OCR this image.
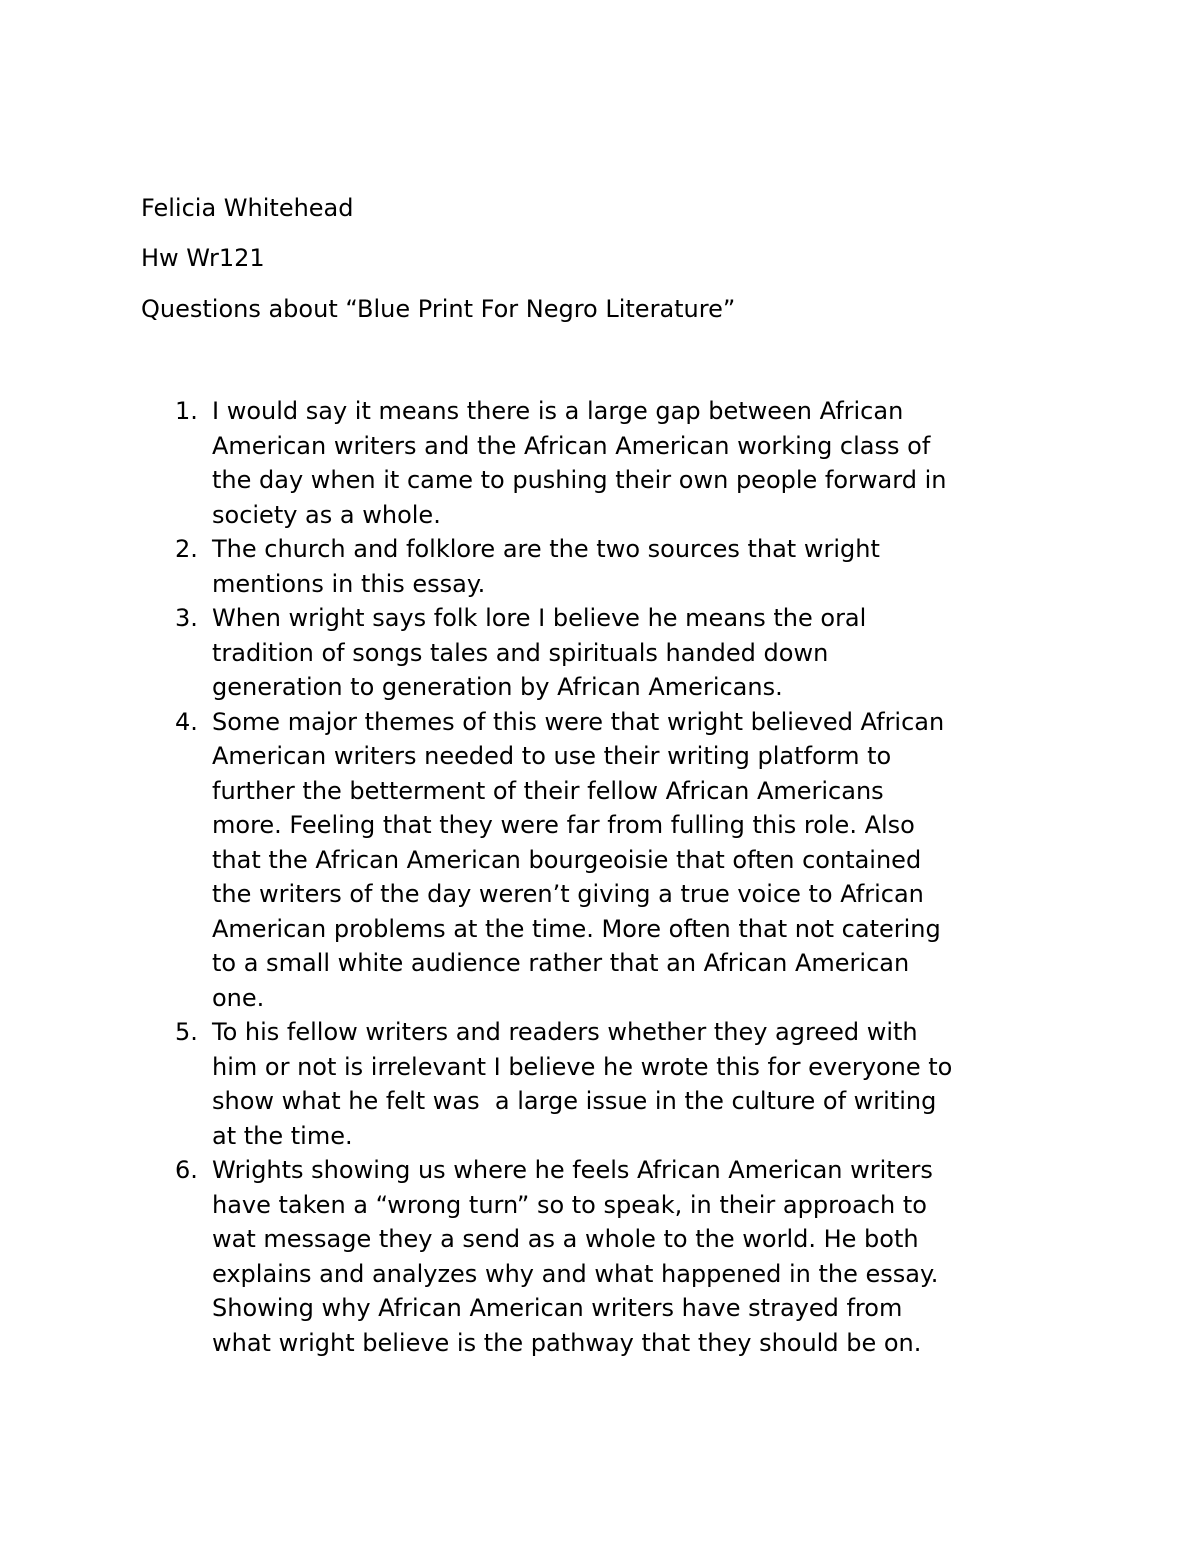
Felicia Whitehead

Hw Wr121

Questions about “Blue Print For Negro Literature”

1. I would say it means there is a large gap between African
American writers and the African American working class of
the day when it came to pushing their own people forward in
society as a whole.
2. The church and folklore are the two sources that wright
mentions in this essay.
3. When wright says folk lore I believe he means the oral
tradition of songs tales and spirituals handed down
generation to generation by African Americans.
4. Some major themes of this were that wright believed African
American writers needed to use their writing platform to
further the betterment of their fellow African Americans
more. Feeling that they were far from fulling this role. Also
that the African American bourgeoisie that often contained
the writers of the day weren’t giving a true voice to African
American problems at the time. More often that not catering
to a small white audience rather that an African American
one.
5. To his fellow writers and readers whether they agreed with
him or not is irrelevant I believe he wrote this for everyone to
show what he felt was  a large issue in the culture of writing
at the time.
6. Wrights showing us where he feels African American writers
have taken a “wrong turn” so to speak, in their approach to
wat message they a send as a whole to the world. He both
explains and analyzes why and what happened in the essay.
Showing why African American writers have strayed from
what wright believe is the pathway that they should be on.
